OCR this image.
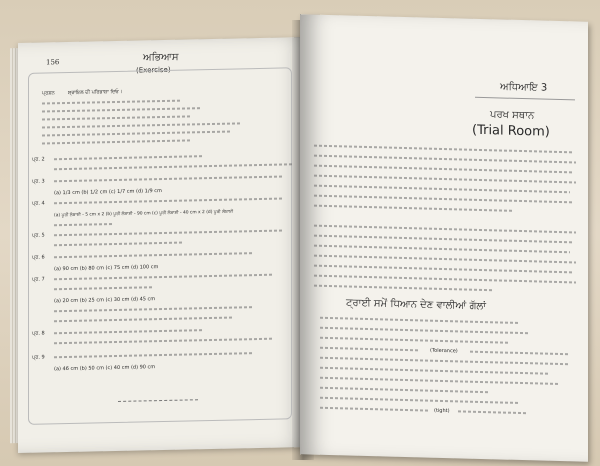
156	ਅਭਿਆਸ
(Exercise)
ਪ੍ਰਸ਼ਨ	ਸ਼੍ਰਾਇਲ ਦੀ ਪਰਿਭਾਸ਼ਾ ਦਿਓ।
ਪ੍ਰ. 2
ਪ੍ਰ. 3
(a) 1/3 cm (b) 1/2 cm (c) 1/7 cm (d) 1/9 cm
ਪ੍ਰ. 4
(a) ਪੂਰੀ ਲੰਬਾਈ - 5 cm x 2 (b) ਪੂਰੀ ਲੰਬਾਈ - 90 cm (c) ਪੂਰੀ ਲੰਬਾਈ - 40 cm x 2 (d) ਪੂਰੀ ਲੰਬਾਈ
ਪ੍ਰ. 5
ਪ੍ਰ. 6
(a) 90 cm (b) 80 cm (c) 75 cm (d) 100 cm
ਪ੍ਰ. 7
(a) 20 cm (b) 25 cm (c) 30 cm (d) 45 cm
ਪ੍ਰ. 8
ਪ੍ਰ. 9
(a) 46 cm (b) 50 cm (c) 40 cm (d) 90 cm
ਅਧਿਆਇ 3
ਪਰਖ ਸਥਾਨ
(Trial Room)
ਟ੍ਰਾਈ ਸਮੇਂ ਧਿਆਨ ਦੇਣ ਵਾਲੀਆਂ ਗੱਲਾਂ
(Tolerance)
(tight)
